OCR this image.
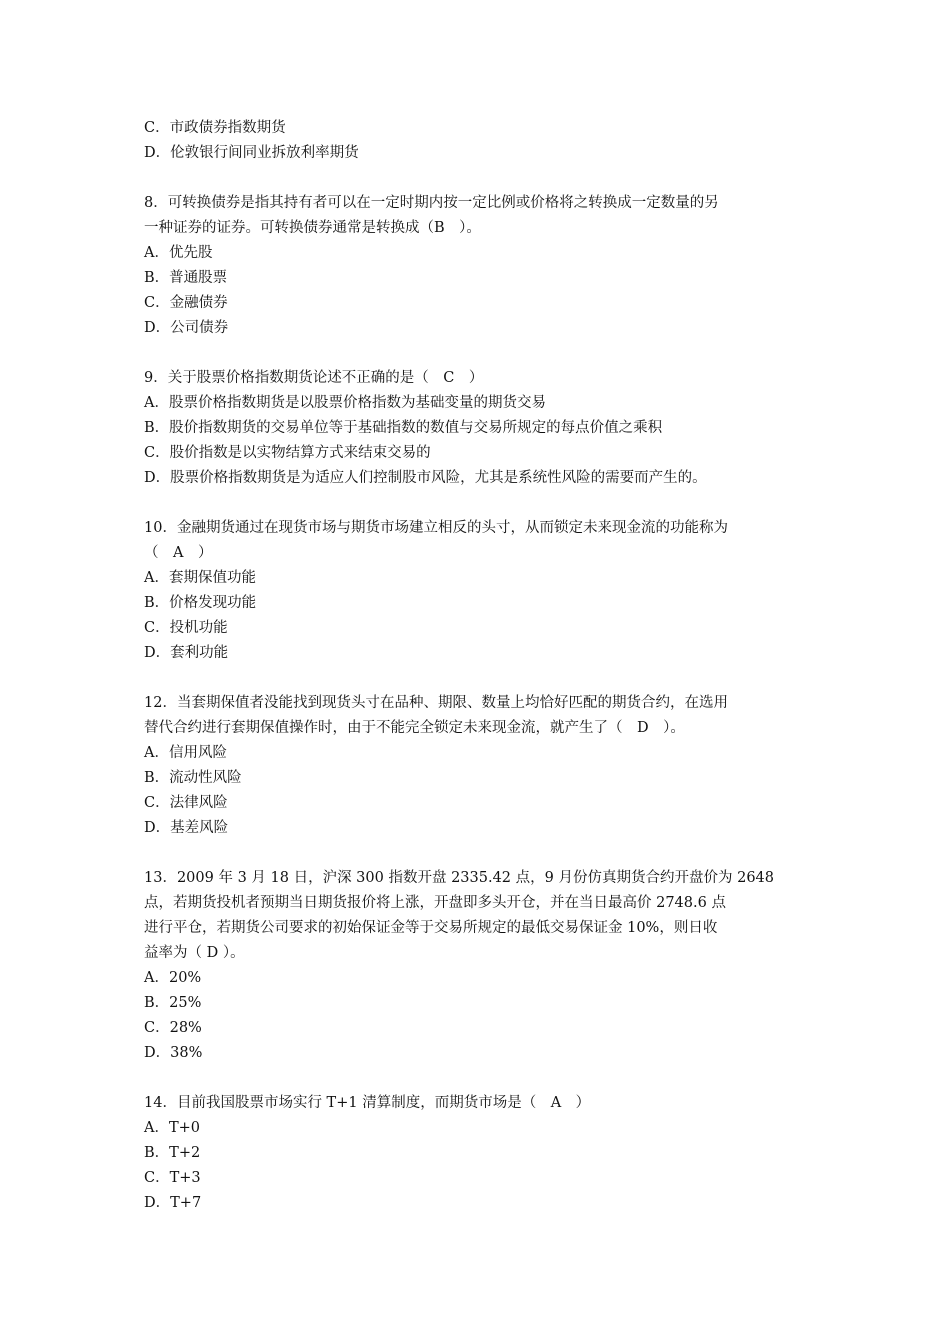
C．市政债券指数期货
D．伦敦银行间同业拆放利率期货
8．可转换债券是指其持有者可以在一定时期内按一定比例或价格将之转换成一定数量的另
一种证券的证券。可转换债券通常是转换成（B　）。
A．优先股
B．普通股票
C．金融债券
D．公司债券
9．关于股票价格指数期货论述不正确的是（　C　）
A．股票价格指数期货是以股票价格指数为基础变量的期货交易
B．股价指数期货的交易单位等于基础指数的数值与交易所规定的每点价值之乘积
C．股价指数是以实物结算方式来结束交易的
D．股票价格指数期货是为适应人们控制股市风险，尤其是系统性风险的需要而产生的。
10．金融期货通过在现货市场与期货市场建立相反的头寸，从而锁定未来现金流的功能称为
（　A　）
A．套期保值功能
B．价格发现功能
C．投机功能
D．套利功能
12．当套期保值者没能找到现货头寸在品种、期限、数量上均恰好匹配的期货合约，在选用
替代合约进行套期保值操作时，由于不能完全锁定未来现金流，就产生了（　D　）。
A．信用风险
B．流动性风险
C．法律风险
D．基差风险
13．2009 年 3 月 18 日，沪深 300 指数开盘 2335.42 点，9 月份仿真期货合约开盘价为 2648
点，若期货投机者预期当日期货报价将上涨，开盘即多头开仓，并在当日最高价 2748.6 点
进行平仓，若期货公司要求的初始保证金等于交易所规定的最低交易保证金 10%，则日收
益率为（ D ）。
A．20%
B．25%
C．28%
D．38%
14．目前我国股票市场实行 T+1 清算制度，而期货市场是（　A　）
A．T+0
B．T+2
C．T+3
D．T+7
